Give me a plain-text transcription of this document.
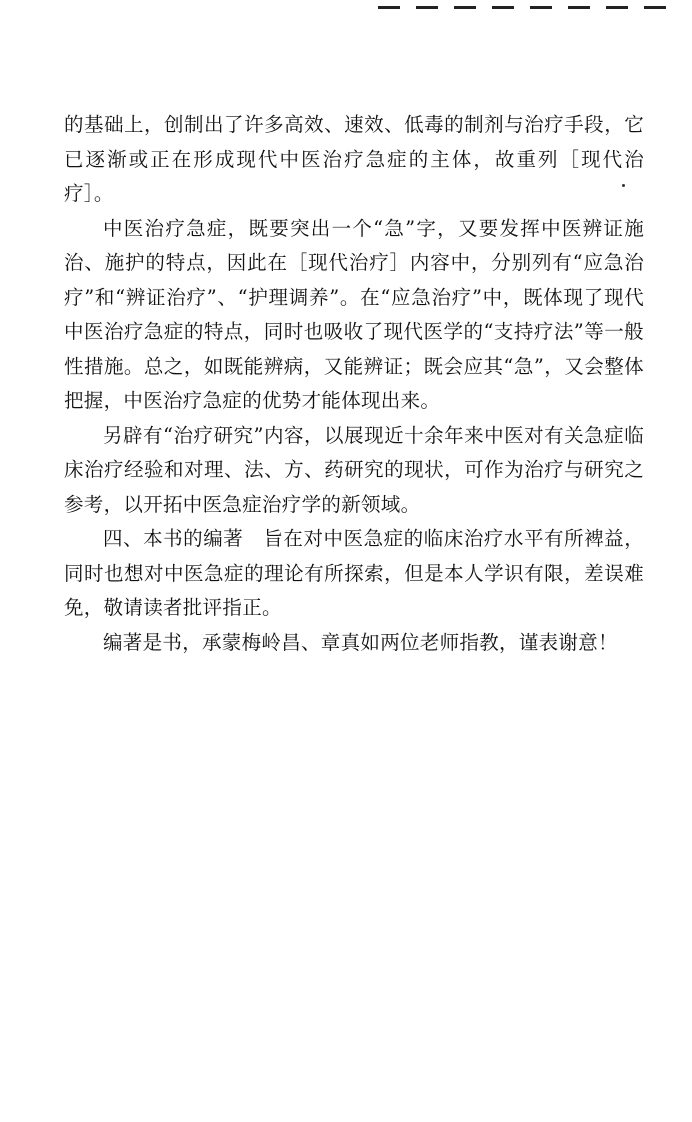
的基础上，创制出了许多高效、速效、低毒的制剂与治疗手段，它已逐渐或正在形成现代中医治疗急症的主体，故重列［现代治疗］。

中医治疗急症，既要突出一个“急”字，又要发挥中医辨证施治、施护的特点，因此在［现代治疗］内容中，分别列有“应急治疗”和“辨证治疗”、“护理调养”。在“应急治疗”中，既体现了现代中医治疗急症的特点，同时也吸收了现代医学的“支持疗法”等一般性措施。总之，如既能辨病，又能辨证；既会应其“急”，又会整体把握，中医治疗急症的优势才能体现出来。

另辟有“治疗研究”内容，以展现近十余年来中医对有关急症临床治疗经验和对理、法、方、药研究的现状，可作为治疗与研究之参考，以开拓中医急症治疗学的新领域。

四、本书的编著　旨在对中医急症的临床治疗水平有所裨益，同时也想对中医急症的理论有所探索，但是本人学识有限，差误难免，敬请读者批评指正。

编著是书，承蒙梅岭昌、章真如两位老师指教，谨表谢意！
